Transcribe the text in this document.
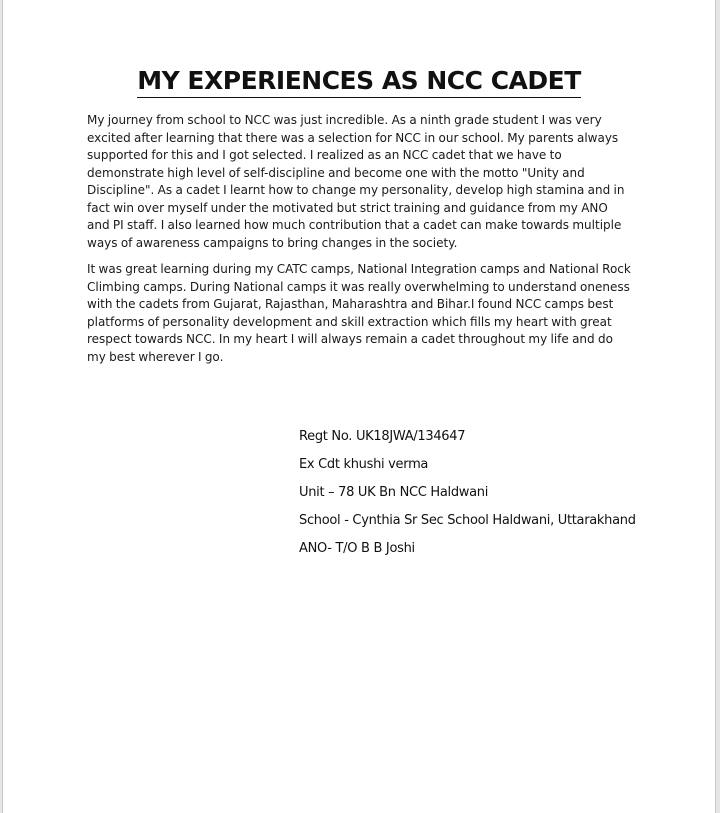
MY EXPERIENCES AS NCC CADET

My journey from school to NCC was just incredible. As a ninth grade student I was very excited after learning that there was a selection for NCC in our school. My parents always supported for this and I got selected. I realized as an NCC cadet that we have to demonstrate high level of self-discipline and become one with the motto "Unity and Discipline". As a cadet I learnt how to change my personality, develop high stamina and in fact win over myself under the motivated but strict training and guidance from my ANO and PI staff. I also learned how much contribution that a cadet can make towards multiple ways of awareness campaigns to bring changes in the society.

It was great learning during my CATC camps, National Integration camps and National Rock Climbing camps. During National camps it was really overwhelming to understand oneness with the cadets from Gujarat, Rajasthan, Maharashtra and Bihar.I found NCC camps best platforms of personality development and skill extraction which fills my heart with great respect towards NCC. In my heart I will always remain a cadet throughout my life and do my best wherever I go.

Regt No. UK18JWA/134647
Ex Cdt khushi verma
Unit – 78 UK Bn NCC Haldwani
School - Cynthia Sr Sec School Haldwani, Uttarakhand
ANO- T/O B B Joshi
